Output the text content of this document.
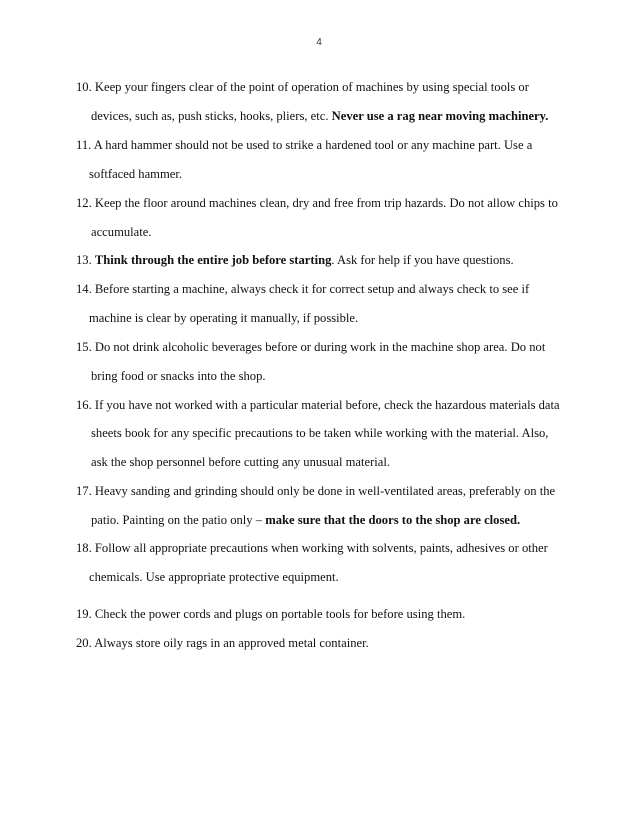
4
10. Keep your fingers clear of the point of operation of machines by using special tools or
devices, such as, push sticks, hooks, pliers, etc. Never use a rag near moving machinery.
11. A hard hammer should not be used to strike a hardened tool or any machine part. Use a
softfaced hammer.
12. Keep the floor around machines clean, dry and free from trip hazards. Do not allow chips to
accumulate.
13. Think through the entire job before starting. Ask for help if you have questions.
14. Before starting a machine, always check it for correct setup and always check to see if
machine is clear by operating it manually, if possible.
15. Do not drink alcoholic beverages before or during work in the machine shop area. Do not
bring food or snacks into the shop.
16. If you have not worked with a particular material before, check the hazardous materials data
sheets book for any specific precautions to be taken while working with the material. Also,
ask the shop personnel before cutting any unusual material.
17. Heavy sanding and grinding should only be done in well-ventilated areas, preferably on the
patio. Painting on the patio only – make sure that the doors to the shop are closed.
18. Follow all appropriate precautions when working with solvents, paints, adhesives or other
chemicals. Use appropriate protective equipment.
19. Check the power cords and plugs on portable tools for before using them.
20. Always store oily rags in an approved metal container.
